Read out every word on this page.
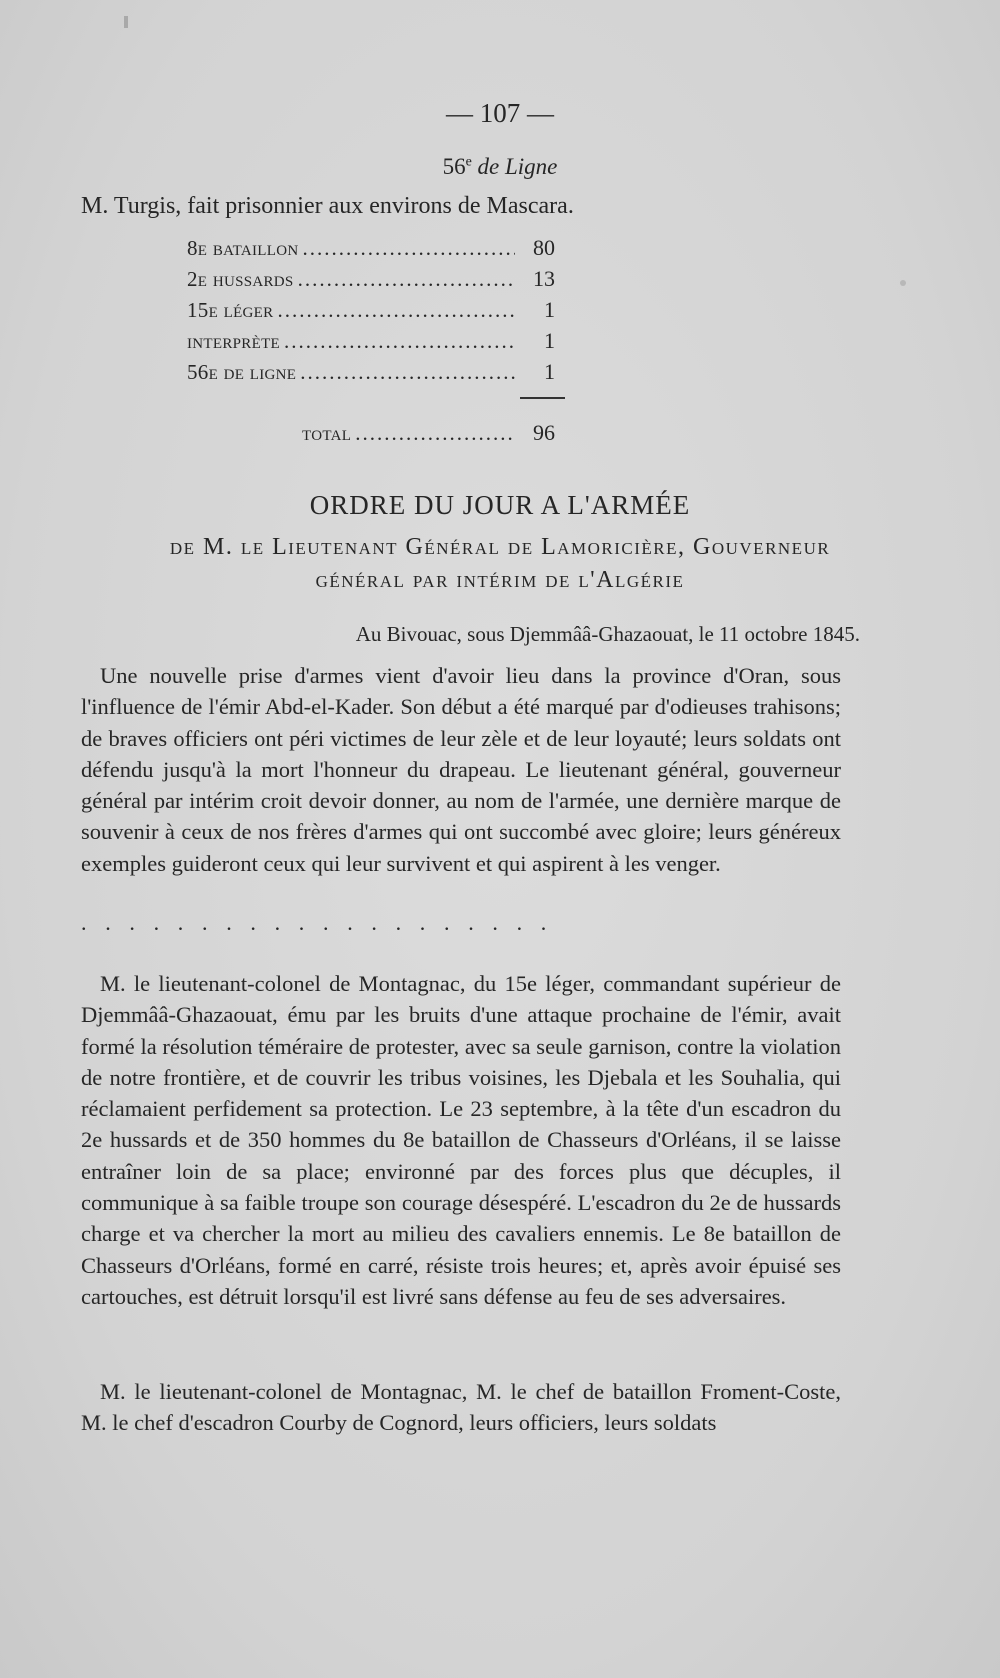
— 107 —
56e de Ligne
M. Turgis, fait prisonnier aux environs de Mascara.
8e bataillon .....	80
2e hussards .....	13
15e léger .....	1
interprète .....	1
56e de ligne .....	1
total .....	96
ORDRE DU JOUR A L'ARMÉE
de M. le Lieutenant Général de Lamoricière, Gouverneur
général par intérim de l'Algérie
Au Bivouac, sous Djemmââ-Ghazaouat, le 11 octobre 1845.

Une nouvelle prise d'armes vient d'avoir lieu dans la province d'Oran, sous l'influence de l'émir Abd-el-Kader. Son début a été marqué par d'odieuses trahisons; de braves officiers ont péri victimes de leur zèle et de leur loyauté; leurs soldats ont défendu jusqu'à la mort l'honneur du drapeau. Le lieutenant général, gouverneur général par intérim croit devoir donner, au nom de l'armée, une dernière marque de souvenir à ceux de nos frères d'armes qui ont succombé avec gloire; leurs généreux exemples guideront ceux qui leur survivent et qui aspirent à les venger.

....................

M. le lieutenant-colonel de Montagnac, du 15e léger, commandant supérieur de Djemmââ-Ghazaouat, ému par les bruits d'une attaque prochaine de l'émir, avait formé la résolution téméraire de protester, avec sa seule garnison, contre la violation de notre frontière, et de couvrir les tribus voisines, les Djebala et les Souhalia, qui réclamaient perfidement sa protection. Le 23 septembre, à la tête d'un escadron du 2e hussards et de 350 hommes du 8e bataillon de Chasseurs d'Orléans, il se laisse entraîner loin de sa place; environné par des forces plus que décuples, il communique à sa faible troupe son courage désespéré. L'escadron du 2e de hussards charge et va chercher la mort au milieu des cavaliers ennemis. Le 8e bataillon de Chasseurs d'Orléans, formé en carré, résiste trois heures; et, après avoir épuisé ses cartouches, est détruit lorsqu'il est livré sans défense au feu de ses adversaires.

M. le lieutenant-colonel de Montagnac, M. le chef de bataillon Froment-Coste, M. le chef d'escadron Courby de Cognord, leurs officiers, leurs soldats
